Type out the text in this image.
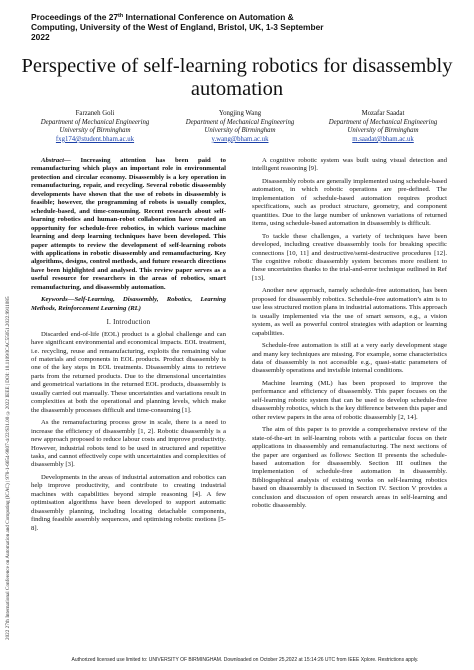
Proceedings of the 27th International Conference on Automation & Computing, University of the West of England, Bristol, UK, 1-3 September 2022
Perspective of self-learning robotics for disassembly automation
Farzaneh Goli
Department of Mechanical Engineering
University of Birmingham
fxg174@student.bham.ac.uk
Yongjing Wang
Department of Mechanical Engineering
University of Birmingham
y.wang@bham.ac.uk
Mozafar Saadat
Department of Mechanical Engineering
University of Birmingham
m.saadat@bham.ac.uk
2022 27th International Conference on Automation and Computing (ICAC) | 978-1-6654-9807-4/22/$31.00 ©2022 IEEE | DOI: 10.1109/ICAC55051.2022.9911085

Abstract— Increasing attention has been paid to remanufacturing which plays an important role in environmental protection and circular economy. Disassembly is a key operation in remanufacturing, repair, and recycling. Several robotic disassembly developments have shown that the use of robots in disassembly is feasible; however, the programming of robots is usually complex, schedule-based, and time-consuming. Recent research about self-learning robotics and human-robot collaboration have created an opportunity for schedule-free robotics, in which various machine learning and deep learning techniques have been developed. This paper attempts to review the development of self-learning robots with applications in robotic disassembly and remanufacturing. Key algorithms, designs, control methods, and future research directions have been highlighted and analysed. This review paper serves as a useful resource for researchers in the areas of robotics, smart remanufacturing, and disassembly automation.

Keywords—Self-Learning, Disassembly, Robotics, Learning Methods, Reinforcement Learning (RL)

I. Introduction

Discarded end-of-life (EOL) product is a global challenge and can have significant environmental and economical impacts. EOL treatment, i.e. recycling, reuse and remanufacturing, exploits the remaining value of materials and components in EOL products. Product disassembly is one of the key steps in EOL treatments. Disassembly aims to retrieve parts from the returned products. Due to the dimensional uncertainties and geometrical variations in the returned EOL products, disassembly is usually carried out manually. These uncertainties and variations result in complexities at both the operational and planning levels, which make the disassembly processes difficult and time-consuming [1].

As the remanufacturing process grow in scale, there is a need to increase the efficiency of disassembly [1, 2]. Robotic disassembly is a new approach proposed to reduce labour costs and improve productivity. However, industrial robots tend to be used in structured and repetitive tasks, and cannot effectively cope with uncertainties and complexities of disassembly [3].

Developments in the areas of industrial automation and robotics can help improve productivity, and contribute to creating industrial machines with capabilities beyond simple reasoning [4]. A few optimisation algorithms have been developed to support automatic disassembly planning, including locating detachable components, finding feasible assembly sequences, and optimising robotic motions [5-8].

A cognitive robotic system was built using visual detection and intelligent reasoning [9].

Disassembly robots are generally implemented using schedule-based automation, in which robotic operations are pre-defined. The implementation of schedule-based automation requires product specifications, such as product structure, geometry, and component quantities. Due to the large number of unknown variations of returned items, using schedule-based automation in disassembly is difficult.

To tackle these challenges, a variety of techniques have been developed, including creative disassembly tools for breaking specific connections [10, 11] and destructive/semi-destructive procedures [12]. The cognitive robotic disassembly system becomes more resilient to these uncertainties thanks to the trial-and-error technique outlined in Ref [13].

Another new approach, namely schedule-free automation, has been proposed for disassembly robotics. Schedule-free automation’s aim is to use less structured motion plans in industrial automations. This approach is usually implemented via the use of smart sensors, e.g., a vision system, as well as powerful control strategies with adaption or learning capabilities.

Schedule-free automation is still at a very early development stage and many key techniques are missing. For example, some characteristics data of disassembly is not accessible e.g., quasi-static parameters of disassembly operations and invisible internal conditions.

Machine learning (ML) has been proposed to improve the performance and efficiency of disassembly. This paper focuses on the self-learning robotic system that can be used to develop schedule-free disassembly robotics, which is the key difference between this paper and other review papers in the area of robotic disassembly [2, 14].

The aim of this paper is to provide a comprehensive review of the state-of-the-art in self-learning robots with a particular focus on their applications in disassembly and remanufacturing. The next sections of the paper are organised as follows: Section II presents the schedule-based automation for disassembly. Section III outlines the implementation of schedule-free automation in disassembly. Bibliographical analysis of existing works on self-learning robotics based on disassembly is discussed in Section IV. Section V provides a conclusion and discussion of open research areas in self-learning and robotic disassembly.

Authorized licensed use limited to: UNIVERSITY OF BIRMINGHAM. Downloaded on October 25,2022 at 15:14:26 UTC from IEEE Xplore. Restrictions apply.
